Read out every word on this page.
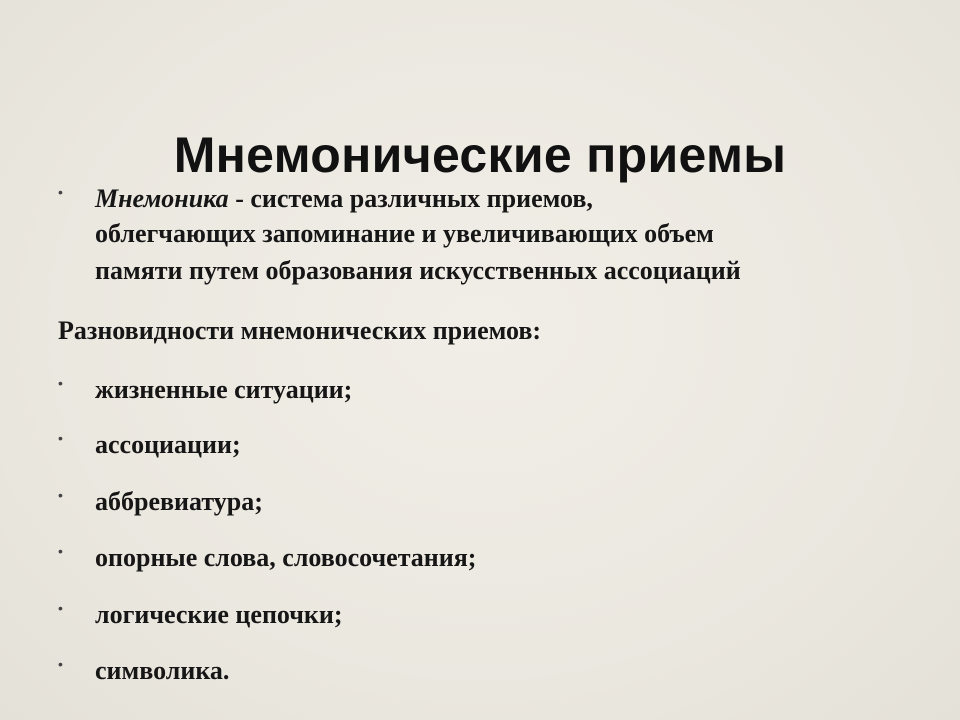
Мнемонические приемы
• Мнемоника - система различных приемов,
облегчающих запоминание и увеличивающих объем
памяти путем образования искусственных ассоциаций
Разновидности мнемонических приемов:
• жизненные ситуации;
• ассоциации;
• аббревиатура;
• опорные слова, словосочетания;
• логические цепочки;
• символика.
